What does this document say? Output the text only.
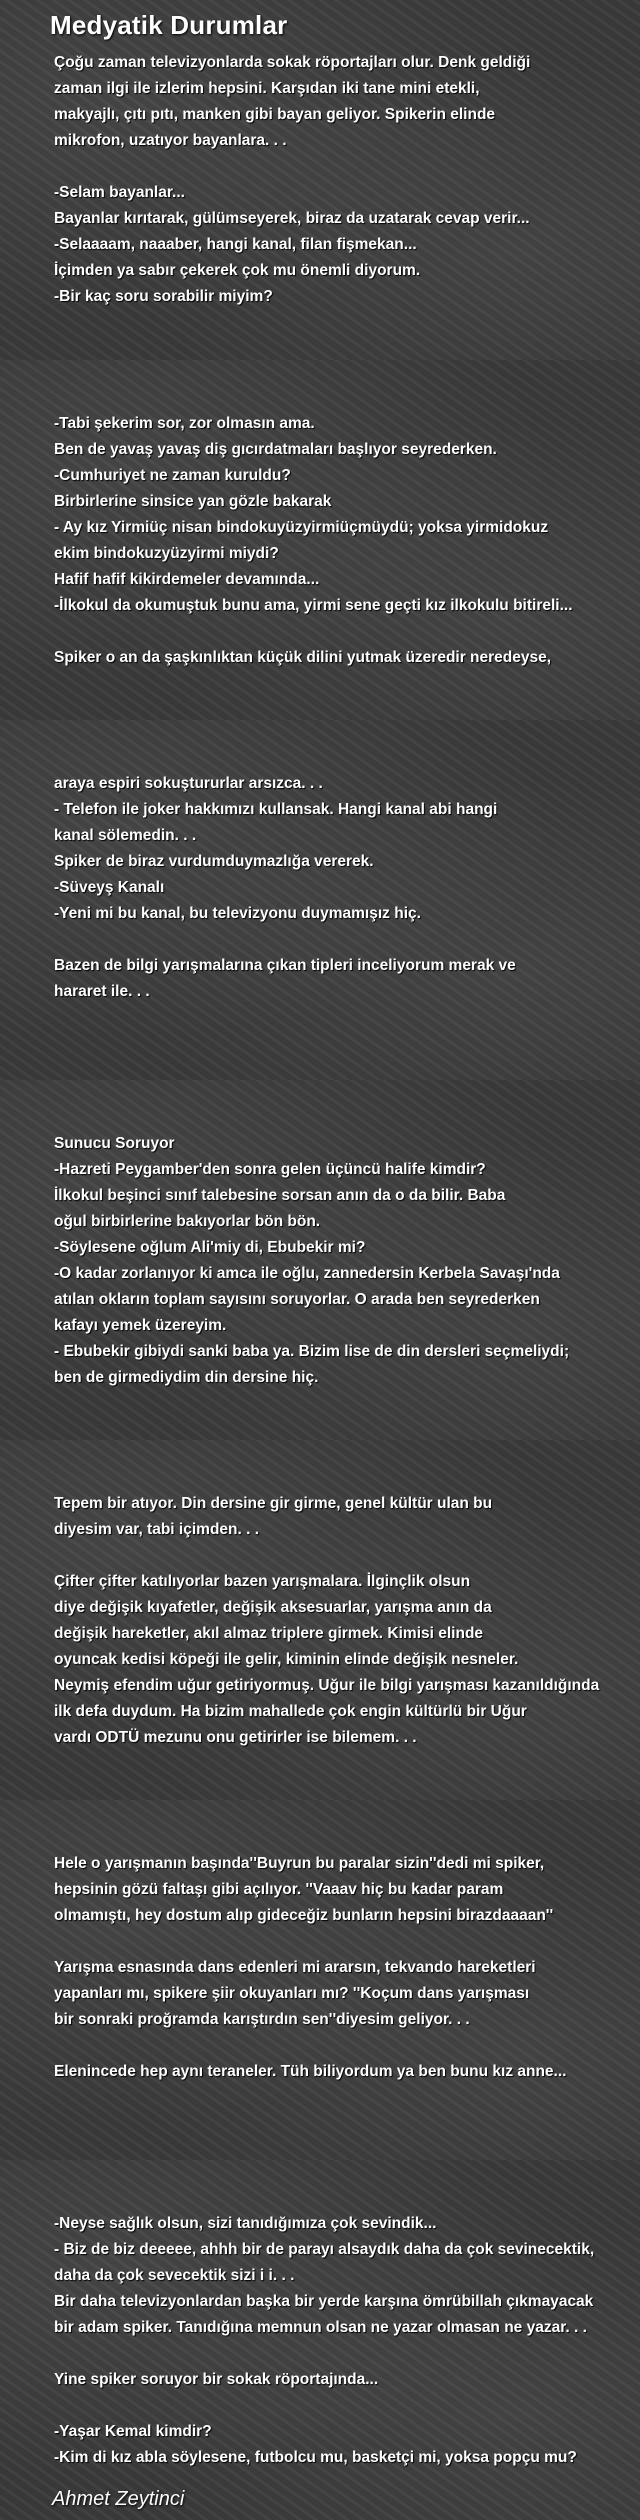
Medyatik Durumlar
Çoğu zaman televizyonlarda sokak röportajları olur. Denk geldiği
zaman ilgi ile izlerim hepsini. Karşıdan iki tane mini etekli,
makyajlı, çıtı pıtı, manken gibi bayan geliyor. Spikerin elinde
mikrofon, uzatıyor bayanlara. . .

-Selam bayanlar...
Bayanlar kırıtarak, gülümseyerek, biraz da uzatarak cevap verir...
-Selaaaam, naaaber, hangi kanal, filan fişmekan...
İçimden ya sabır çekerek çok mu önemli diyorum.
-Bir kaç soru sorabilir miyim?
-Tabi şekerim sor, zor olmasın ama.
Ben de yavaş yavaş diş gıcırdatmaları başlıyor seyrederken.
-Cumhuriyet ne zaman kuruldu?
Birbirlerine sinsice yan gözle bakarak
- Ay kız Yirmiüç nisan bindokuyüzyirmiüçmüydü; yoksa yirmidokuz
ekim bindokuzyüzyirmi miydi?
Hafif hafif kikirdemeler devamında...
-İlkokul da okumuştuk bunu ama, yirmi sene geçti kız ilkokulu bitireli...

Spiker o an da şaşkınlıktan küçük dilini yutmak üzeredir neredeyse,
araya espiri sokuştururlar arsızca. . .
- Telefon ile joker hakkımızı kullansak. Hangi kanal abi hangi
kanal sölemedin. . .
Spiker de biraz vurdumduymazlığa vererek.
-Süveyş Kanalı
-Yeni mi bu kanal, bu televizyonu duymamışız hiç.

Bazen de bilgi yarışmalarına çıkan tipleri inceliyorum merak ve
hararet ile. . .
Sunucu Soruyor
-Hazreti Peygamber'den sonra gelen üçüncü halife kimdir?
İlkokul beşinci sınıf talebesine sorsan anın da o da bilir. Baba
oğul birbirlerine bakıyorlar bön bön.
-Söylesene oğlum Ali'miy di, Ebubekir mi?
-O kadar zorlanıyor ki amca ile oğlu, zannedersin Kerbela Savaşı'nda
atılan okların toplam sayısını soruyorlar. O arada ben seyrederken
kafayı yemek üzereyim.
- Ebubekir gibiydi sanki baba ya. Bizim lise de din dersleri seçmeliydi;
ben de girmediydim din dersine hiç.
Tepem bir atıyor. Din dersine gir girme, genel kültür ulan bu
diyesim var, tabi içimden. . .

Çifter çifter katılıyorlar bazen yarışmalara. İlginçlik olsun
diye değişik kıyafetler, değişik aksesuarlar, yarışma anın da
değişik hareketler, akıl almaz triplere girmek. Kimisi elinde
oyuncak kedisi köpeği ile gelir, kiminin elinde değişik nesneler.
Neymiş efendim uğur getiriyormuş. Uğur ile bilgi yarışması kazanıldığında
ilk defa duydum. Ha bizim mahallede çok engin kültürlü bir Uğur
vardı ODTÜ mezunu onu getirirler ise bilemem. . .
Hele o yarışmanın başında''Buyrun bu paralar sizin''dedi mi spiker,
hepsinin gözü faltaşı gibi açılıyor. ''Vaaav hiç bu kadar param
olmamıştı, hey dostum alıp gideceğiz bunların hepsini birazdaaaan''

Yarışma esnasında dans edenleri mi ararsın, tekvando hareketleri
yapanları mı, spikere şiir okuyanları mı? ''Koçum dans yarışması
bir sonraki proğramda karıştırdın sen''diyesim geliyor. . .

Elenincede hep aynı teraneler. Tüh biliyordum ya ben bunu kız anne...
-Neyse sağlık olsun, sizi tanıdığımıza çok sevindik...
- Biz de biz deeeee, ahhh bir de parayı alsaydık daha da çok sevinecektik,
daha da çok sevecektik sizi i i. . .
Bir daha televizyonlardan başka bir yerde karşına ömrübillah çıkmayacak
bir adam spiker. Tanıdığına memnun olsan ne yazar olmasan ne yazar. . .

Yine spiker soruyor bir sokak röportajında...

-Yaşar Kemal kimdir?
-Kim di kız abla söylesene, futbolcu mu, basketçi mi, yoksa popçu mu?
Ahmet Zeytinci
